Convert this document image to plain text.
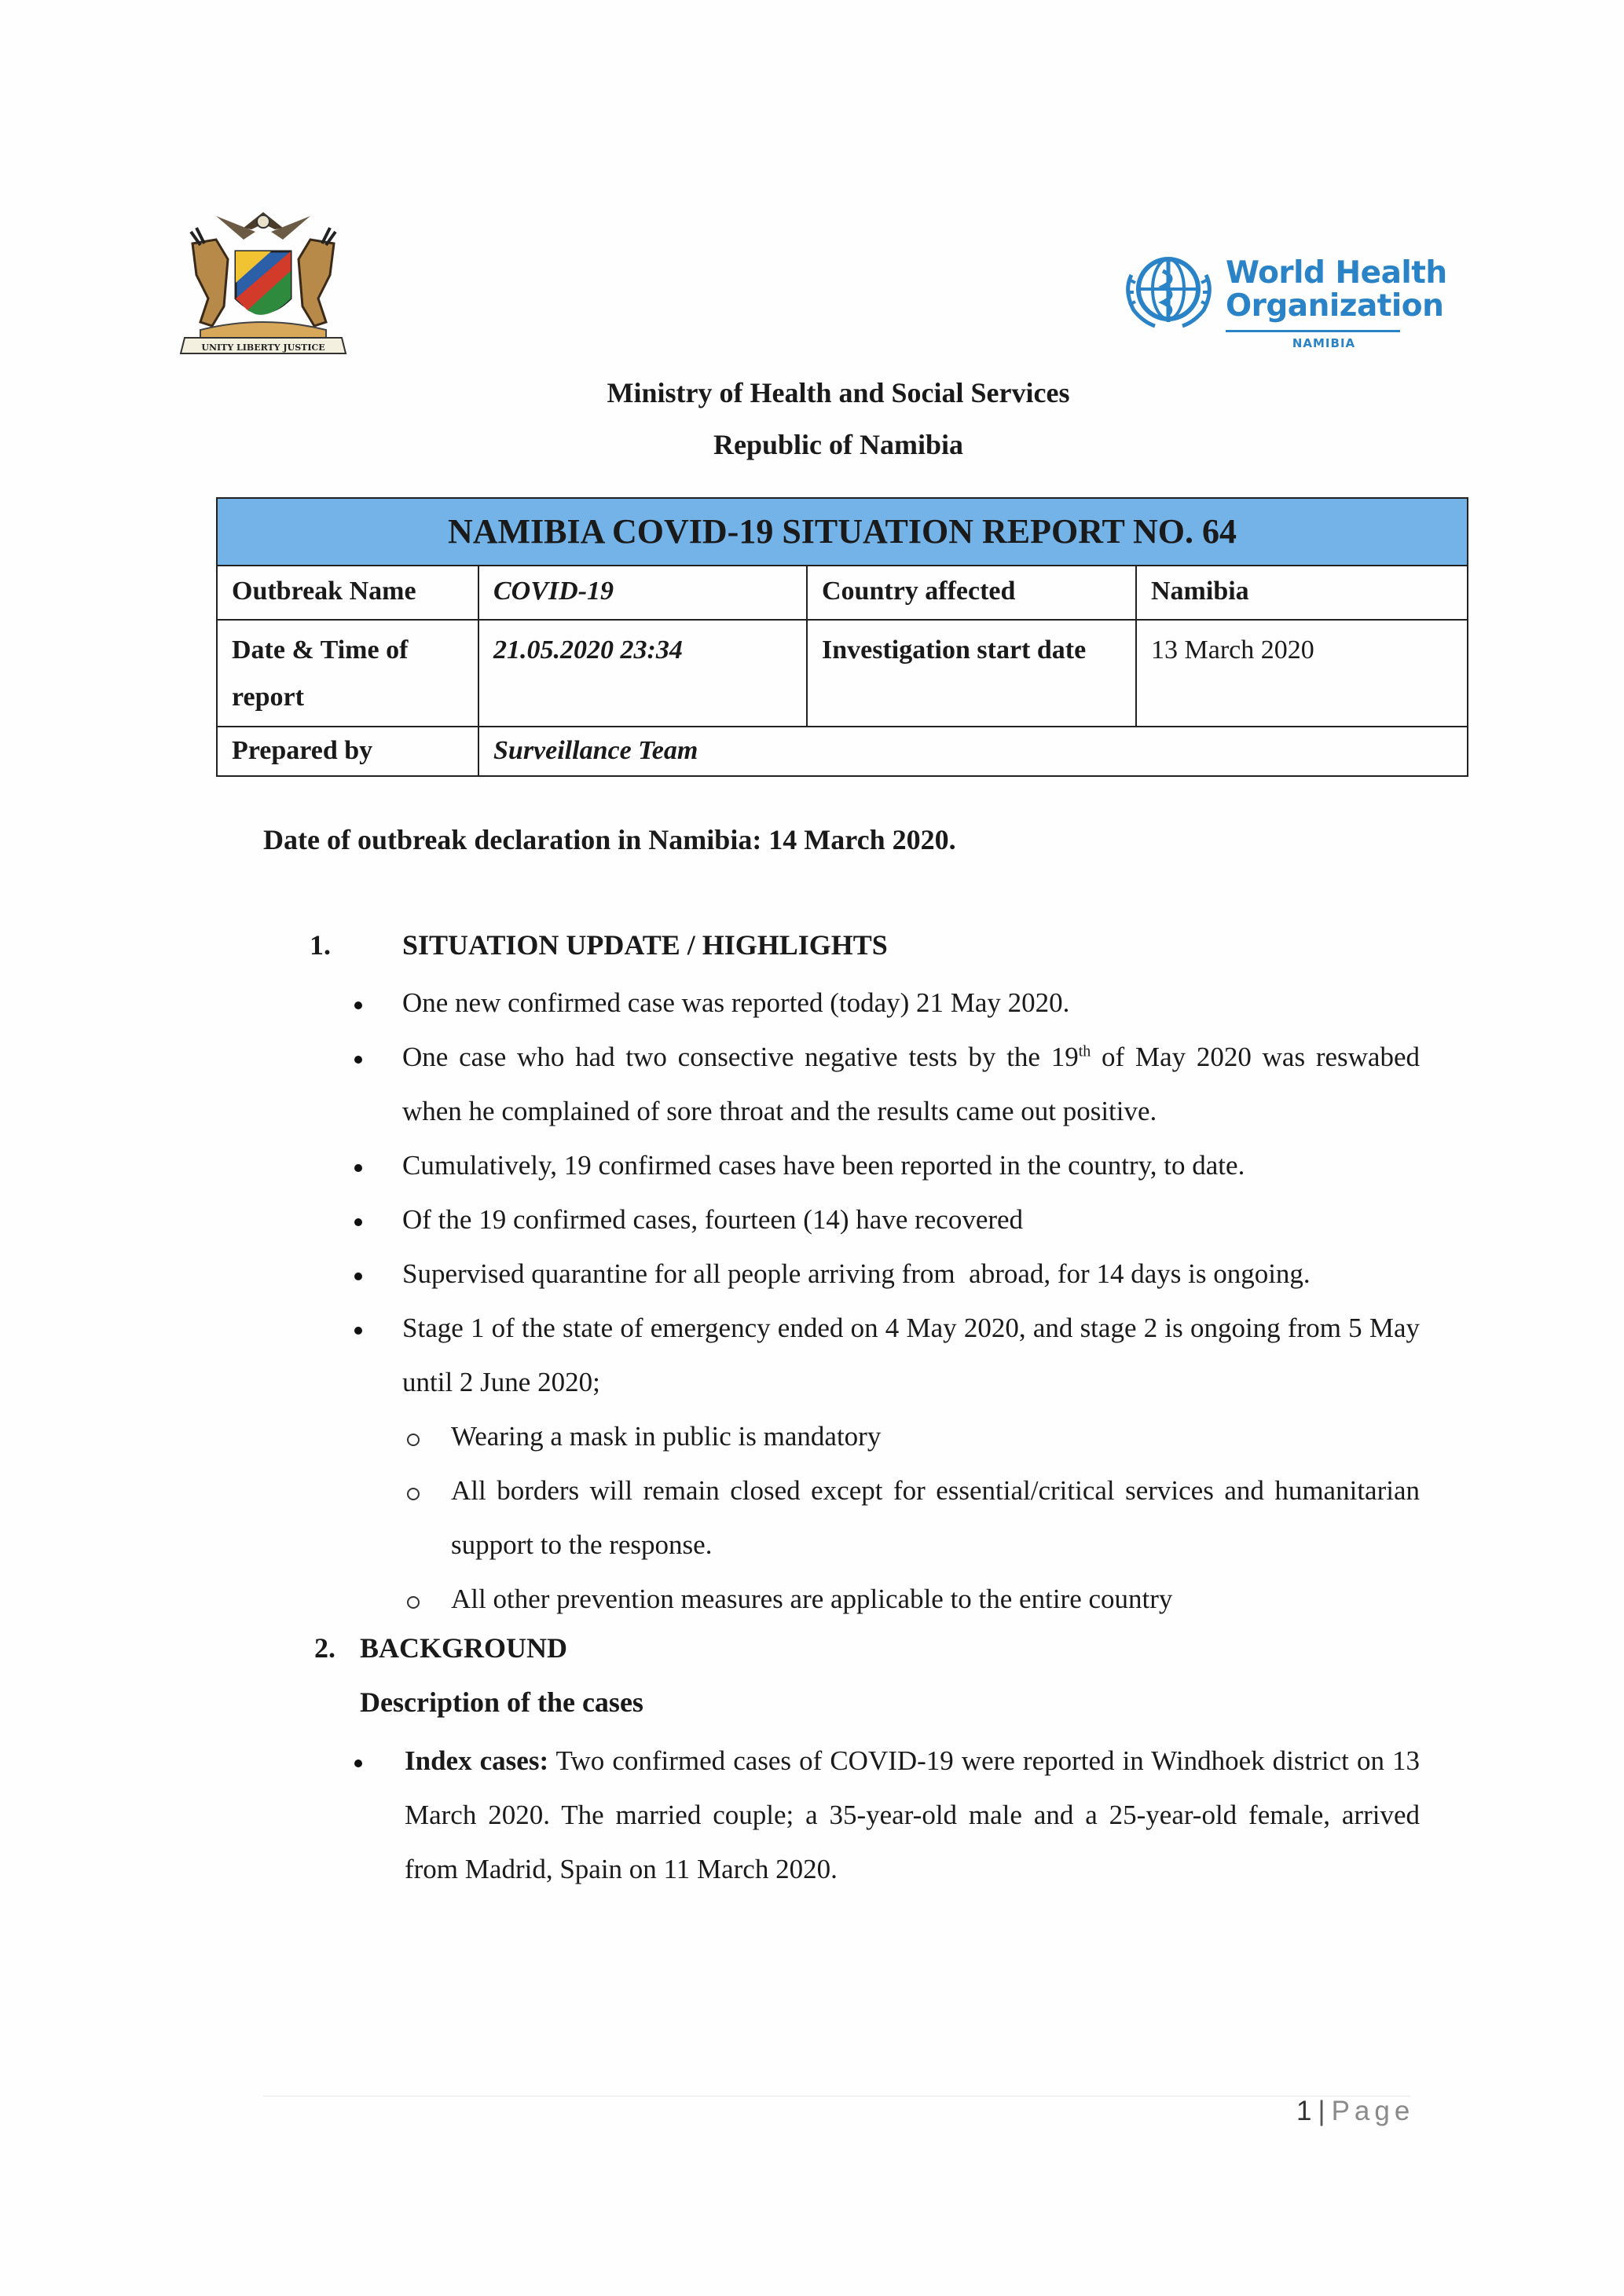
UNITY LIBERTY JUSTICE
World Health
Organization
NAMIBIA
Ministry of Health and Social Services
Republic of Namibia
NAMIBIA COVID-19 SITUATION REPORT NO. 64			
Outbreak Name	COVID-19	Country affected	Namibia
Date & Time of report	21.05.2020 23:34	Investigation start date	13 March 2020
Prepared by	Surveillance Team		
Date of outbreak declaration in Namibia: 14 March 2020.
1.	SITUATION UPDATE / HIGHLIGHTS
One new confirmed case was reported (today) 21 May 2020.
One case who had two consective negative tests by the 19th of May 2020 was reswabed when he complained of sore throat and the results came out positive.
Cumulatively, 19 confirmed cases have been reported in the country, to date.
Of the 19 confirmed cases, fourteen (14) have recovered
Supervised quarantine for all people arriving from  abroad, for 14 days is ongoing.
Stage 1 of the state of emergency ended on 4 May 2020, and stage 2 is ongoing from 5 May until 2 June 2020;
Wearing a mask in public is mandatory
All borders will remain closed except for essential/critical services and humanitarian support to the response.
All other prevention measures are applicable to the entire country
2. BACKGROUND
Description of the cases
Index cases: Two confirmed cases of COVID-19 were reported in Windhoek district on 13 March 2020. The married couple; a 35-year-old male and a 25-year-old female, arrived from Madrid, Spain on 11 March 2020.
1 | Page
